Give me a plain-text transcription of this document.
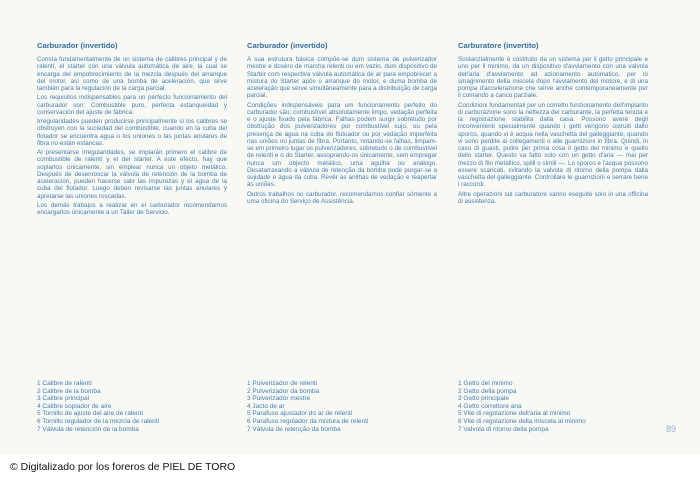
Carburador (invertido)

Consta fundamentalmente de un sistema de calibres principal y de ralentí, el stárter con una válvula automática de aire, la cual se encarga del empobrecimiento de la mezcla después del arranque del motor, así como de una bomba de aceleración, que sirve también para la regulación de la carga parcial.

Los requisitos indispensables para un perfecto funcionamiento del carburador son: Combustible puro, perfecta estanqueidad y conservación del ajuste de fábrica.

Irregularidades pueden producirse principalmente si los calibres se obstruyen con la suciedad del combustible, cuando en la cuba del flotador se encuentra agua o los uniones o las juntas anulares de fibra no están estancas.

Al presentarse irregularidades, se impiarán primero el calibre de combustible de ralentí y el del stárter. A este efecto, hay que soplarlos únicamente, sin emplear nunca un objeto metálico. Después de desenroscar la válvula de retención de la bomba de aceleración, pueden hacerse salir las impurezas y el agua de la cuba del flotador. Luego deben revisarse las juntas anulares y apretarse las uniones roscadas.

Los demás trabajos a realizar en el carburador recomendamos encargarlos únicamente a un Taller de Servicio.

Carburador (invertido)

A sua estrutura básica compõe-se dum sistema de pulverizador mestre e dosèro de marcha relenti ou em vazio, dum dispositivo de Starter com respectiva válvula automática de ar para empobrecer a mistura do Starter após o arranque do motor, e duma bomba de aceleração que serve simultâneamente para a distribuïção de carga parcial.

Condições indispensáveis para um funcionamento perfeito do carburador são: combustível absolutamente limpo, vedação perfeita e o ajuste fixado pela fábrica. Falhas podem surgir sobretudo por obstrução dos pulverizadores por combustível sujo, ou pela presença de água na cuba do flutuador ou por vedação imperfeita nas uniões ou juntas de fibra. Portanto, notando-se falhas, limpam-se em primeiro lugar os pulverizadores, sobretudo o de combustível de relenti e o do Starter, assoprando-os únicamente, sem empregar nunca um objecto metálico, uma agulha ou análogo. Desatarraxando a válvula de retenção da bomba pode purgar-se a sujidade e água da cuba. Revêr as anilhas de vedação e reapertar as uniões.

Outros trabalhos no carburador, recomendamos confiar sòmente a uma oficina do Serviço de Assistência.

Carburatore (invertito)

Sostanzialmente è costituito da un sistema per il getto principale e uno per il minimo, da un dispositivo d'avviamento con una valvola dell'aria d'avviamento ad azionamento automatico, per lo smagrimento della miscela dopo l'avviamento del motore, e di una pompa d'accelerazione che serve anche contemporaneamente per il comando a carico parziale.

Condizioni fondamentali per un corretto funzionamento dell'impianto di carburazione sono la nettezza del carburante, la perfetta tenuta e la registrazione stabilita dalla casa. Possono avere degli inconvenienti specialmente quando i getti vengono ostruiti dallo sporco, quando vi è acqua nella vaschetta del galleggiante, quando vi sono perdite ai collegamenti o alle guarnizioni in fibra. Quindi, in caso di guasti, pulire per prima cosa il getto del minimo e quello dello starter. Questo va fatto solo con un getto d'aria — mai per mezzo di filo metallico, spilli o simili —. Lo sporco e l'acqua possono essere scaricati, svitando la valvola di ritorno della pompa dalla vaschetta del galleggiante. Controllare le guarnizioni e serrare bene i raccordi.

Altre operazioni sul carburatore vanno eseguite solo in una officina di assistenza.

1 Calibre de ralentí
2 Calibre de la bomba
3 Calibre principal
4 Calibre soplador de aire
5 Tornillo de ajuste del aire de ralentí
6 Tornillo regulador de la mezcla de ralentí
7 Válvula de retención de la bomba
1 Pulverizador de relenti
2 Pulverizador da bomba
3 Pulverizador mestre
4 Jacto de ar
5 Parafuso ajustador do ar de relenti
6 Parafuso regulador da mistura de relenti
7 Válvula de retenção da bomba
1 Getto del minimo
2 Getto della pompa
3 Getto principale
4 Getto correttore aria
5 Vite di regolazione dell'aria al minimo
6 Vite di regolazione della miscela al minimo
7 Valvola di ritorno della pompa	89
© Digitalizado por los foreros de PIEL DE TORO
